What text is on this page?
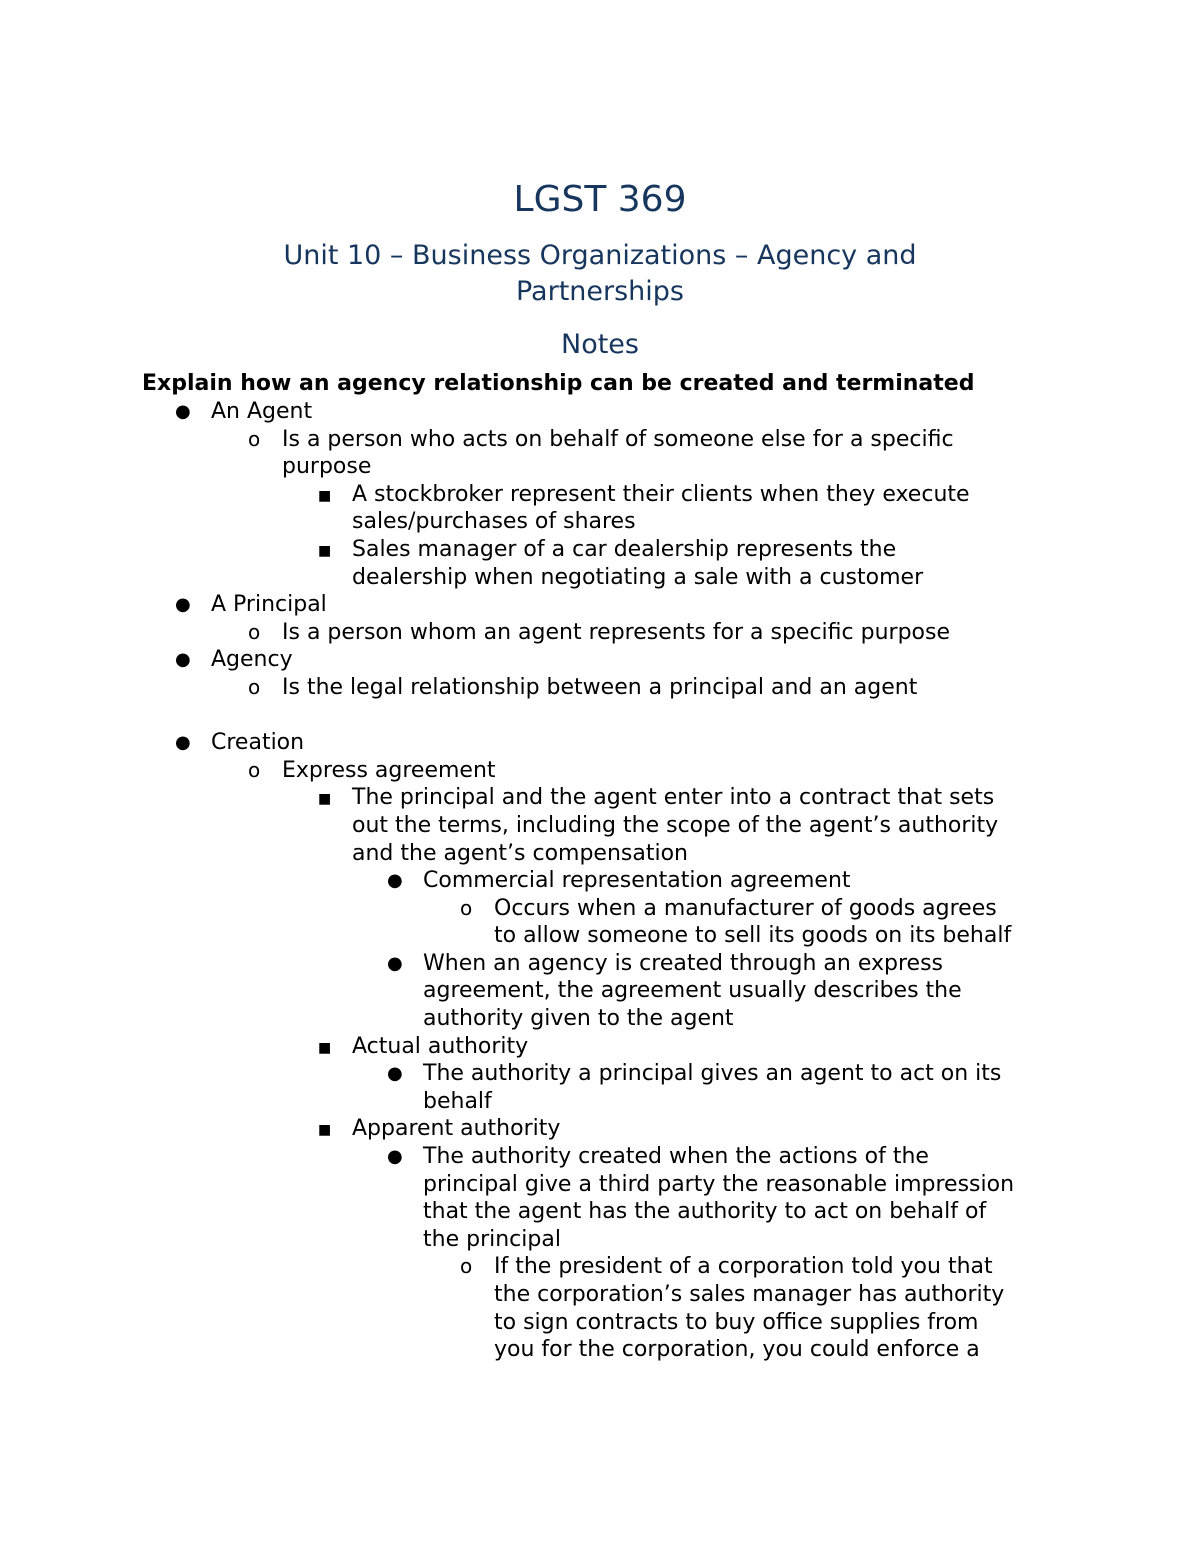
LGST 369
Unit 10 – Business Organizations – Agency and
Partnerships
Notes
Explain how an agency relationship can be created and terminated
● An Agent
o Is a person who acts on behalf of someone else for a specific
purpose
■ A stockbroker represent their clients when they execute
sales/purchases of shares
■ Sales manager of a car dealership represents the
dealership when negotiating a sale with a customer
● A Principal
o Is a person whom an agent represents for a specific purpose
● Agency
o Is the legal relationship between a principal and an agent
● Creation
o Express agreement
■ The principal and the agent enter into a contract that sets
out the terms, including the scope of the agent’s authority
and the agent’s compensation
● Commercial representation agreement
o Occurs when a manufacturer of goods agrees
to allow someone to sell its goods on its behalf
● When an agency is created through an express
agreement, the agreement usually describes the
authority given to the agent
■ Actual authority
● The authority a principal gives an agent to act on its
behalf
■ Apparent authority
● The authority created when the actions of the
principal give a third party the reasonable impression
that the agent has the authority to act on behalf of
the principal
o If the president of a corporation told you that
the corporation’s sales manager has authority
to sign contracts to buy office supplies from
you for the corporation, you could enforce a
